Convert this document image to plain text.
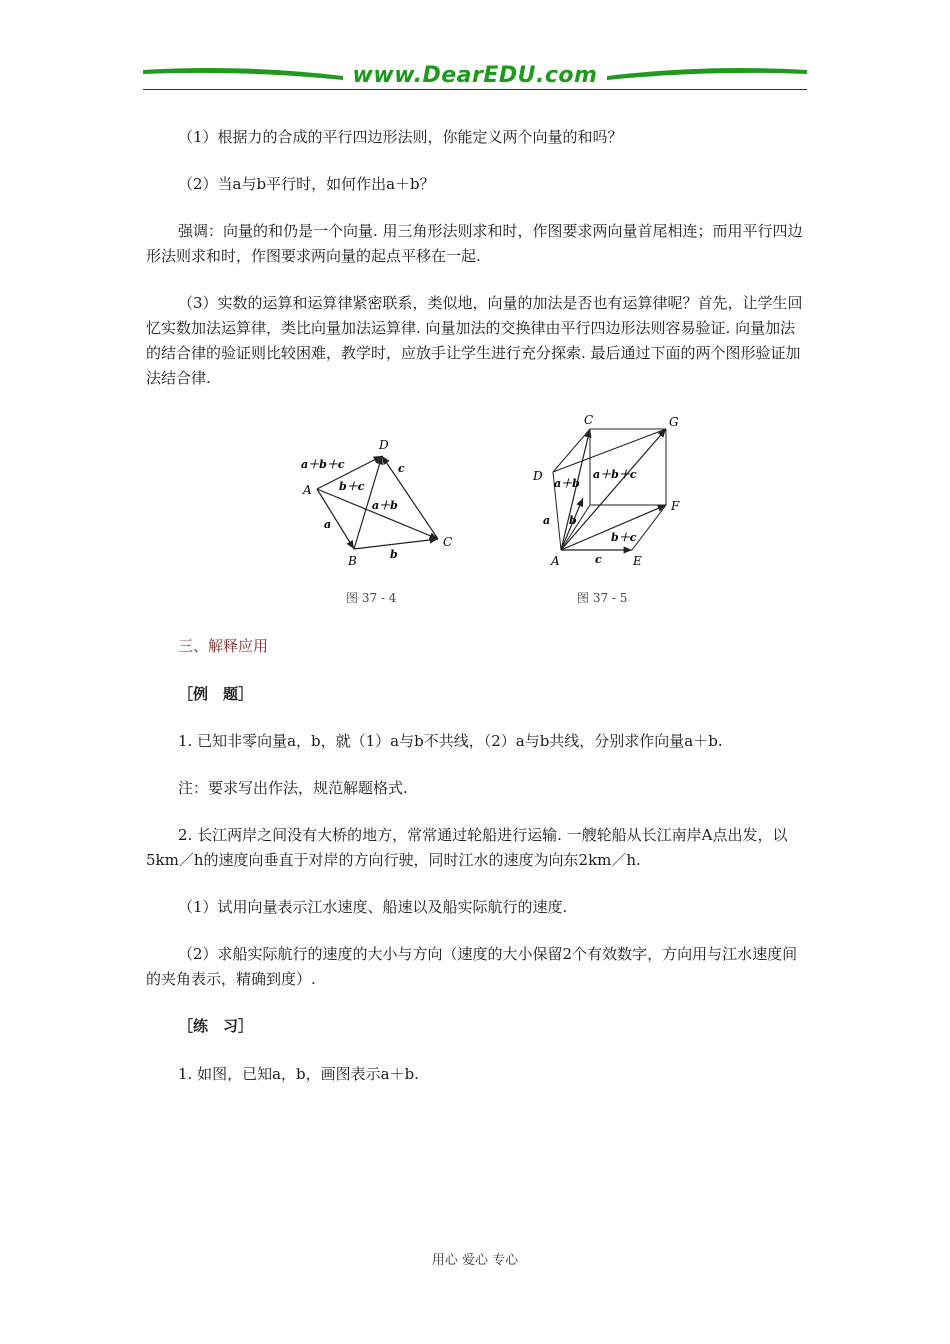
www.DearEDU.com

（1）根据力的合成的平行四边形法则，你能定义两个向量的和吗？

（2）当a与b平行时，如何作出a＋b？

强调：向量的和仍是一个向量. 用三角形法则求和时，作图要求两向量首尾相连；而用平行四边形法则求和时，作图要求两向量的起点平移在一起.

（3）实数的运算和运算律紧密联系，类似地，向量的加法是否也有运算律呢？首先，让学生回忆实数加法运算律，类比向量加法运算律. 向量加法的交换律由平行四边形法则容易验证. 向量加法的结合律的验证则比较困难，教学时，应放手让学生进行充分探索. 最后通过下面的两个图形验证加法结合律.

D
A
B
C
a＋b＋c
b＋c
a＋b
a
b
c
图 37 - 4
C	G
D
F
A	E
a＋b＋c
a＋b
b＋c
a b
c
图 37 - 5

三、解释应用

［例　题］

1. 已知非零向量a，b，就（1）a与b不共线，（2）a与b共线，分别求作向量a＋b.

注：要求写出作法，规范解题格式.

2. 长江两岸之间没有大桥的地方，常常通过轮船进行运输. 一艘轮船从长江南岸A点出发，以5km／h的速度向垂直于对岸的方向行驶，同时江水的速度为向东2km／h.

（1）试用向量表示江水速度、船速以及船实际航行的速度.

（2）求船实际航行的速度的大小与方向（速度的大小保留2个有效数字，方向用与江水速度间的夹角表示，精确到度）.

［练　习］

1. 如图，已知a，b，画图表示a＋b.

用心 爱心 专心
